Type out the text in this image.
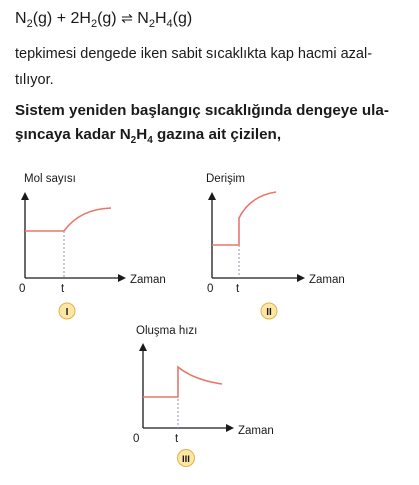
$N_2(g) + 2H_2(g)$ ⇌ $N_2H_4(g)$
tepkimesi dengede iken sabit sıcaklıkta kap hacmi azal-
tılıyor.
Sistem yeniden başlangıç sıcaklığında dengeye ula-
şıncaya kadar $N_2H_4$ gazına ait çizilen,
Mol sayısı
0	t
Zaman
I
Derişim
0 t
Zaman
II
Oluşma hızı
0	t
Zaman
III
